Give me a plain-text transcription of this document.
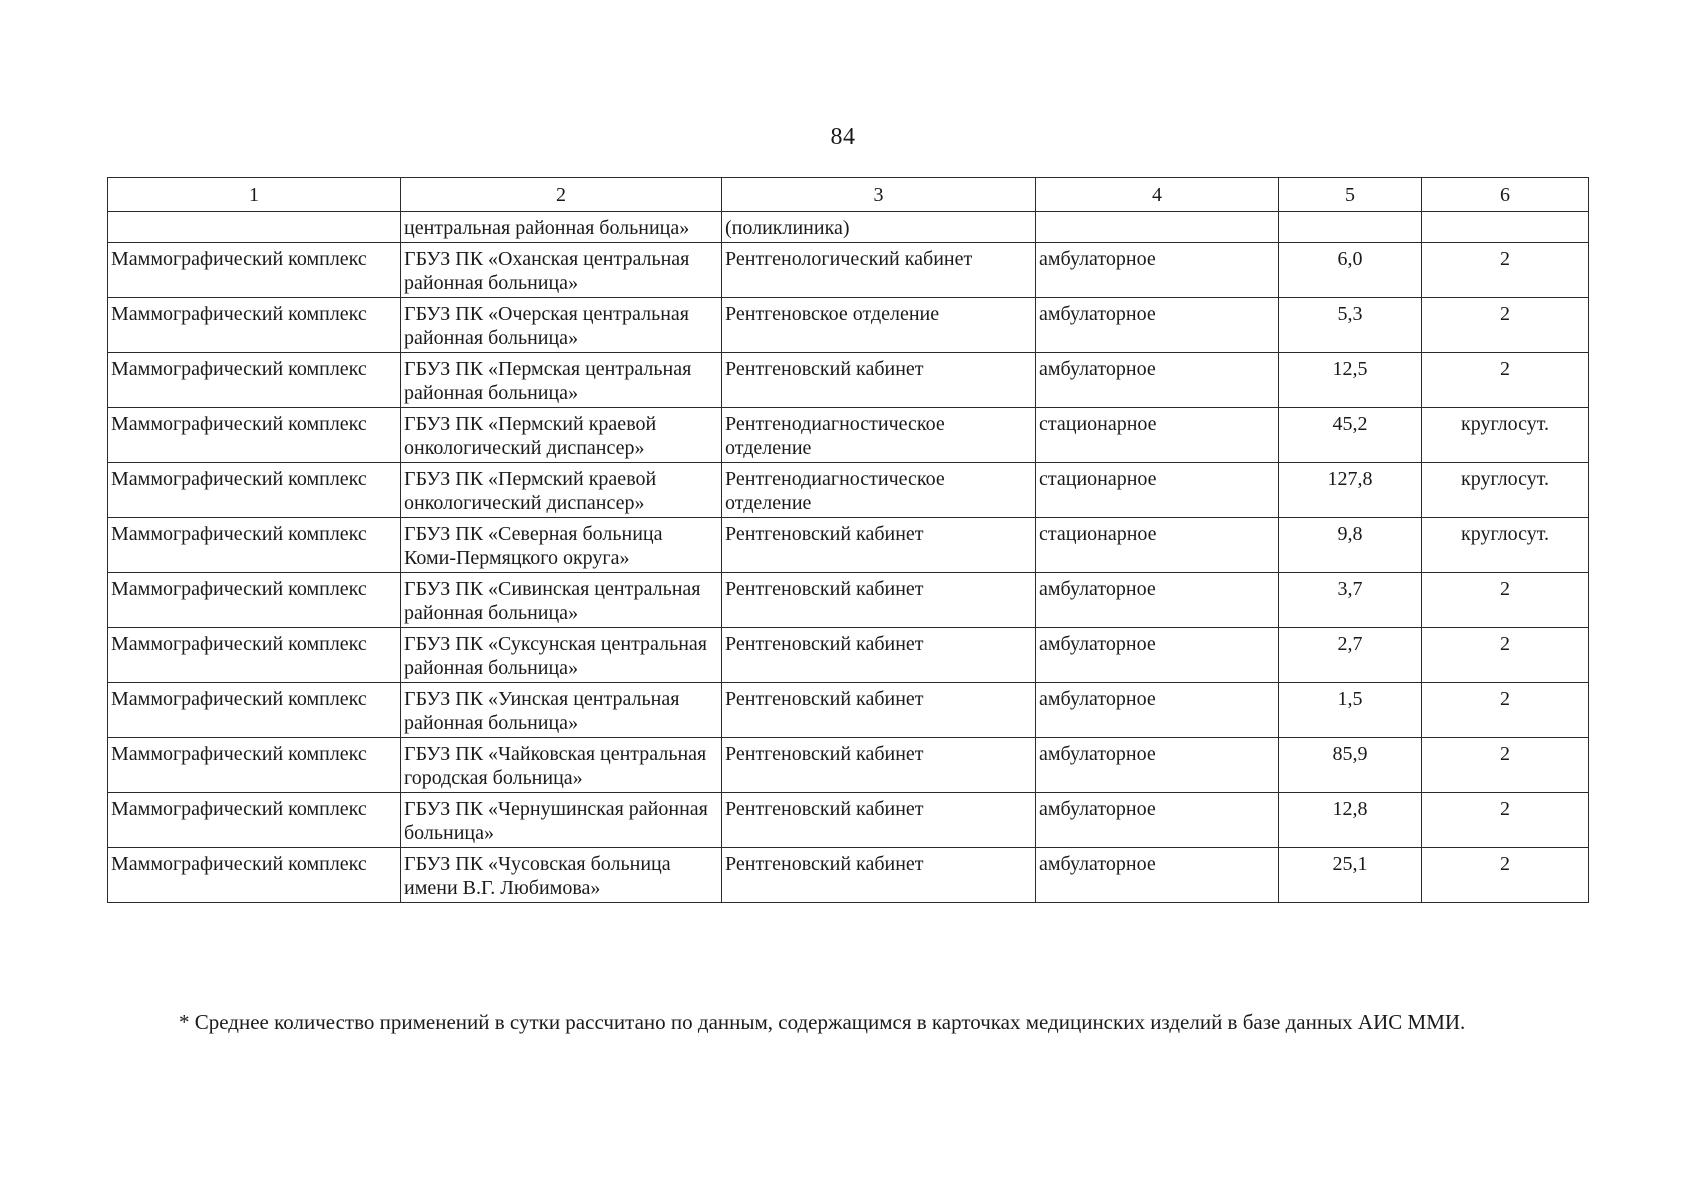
84
1	2	3	4	5	6
	центральная районная больница»	(поликлиника)			
Маммографический комплекс	ГБУЗ ПК «Оханская центральная районная больница»	Рентгенологический кабинет	амбулаторное	6,0	2
Маммографический комплекс	ГБУЗ ПК «Очерская центральная районная больница»	Рентгеновское отделение	амбулаторное	5,3	2
Маммографический комплекс	ГБУЗ ПК «Пермская центральная районная больница»	Рентгеновский кабинет	амбулаторное	12,5	2
Маммографический комплекс	ГБУЗ ПК «Пермский краевой онкологический диспансер»	Рентгенодиагностическое отделение	стационарное	45,2	круглосут.
Маммографический комплекс	ГБУЗ ПК «Пермский краевой онкологический диспансер»	Рентгенодиагностическое отделение	стационарное	127,8	круглосут.
Маммографический комплекс	ГБУЗ ПК «Северная больница Коми-Пермяцкого округа»	Рентгеновский кабинет	стационарное	9,8	круглосут.
Маммографический комплекс	ГБУЗ ПК «Сивинская центральная районная больница»	Рентгеновский кабинет	амбулаторное	3,7	2
Маммографический комплекс	ГБУЗ ПК «Суксунская центральная районная больница»	Рентгеновский кабинет	амбулаторное	2,7	2
Маммографический комплекс	ГБУЗ ПК «Уинская центральная районная больница»	Рентгеновский кабинет	амбулаторное	1,5	2
Маммографический комплекс	ГБУЗ ПК «Чайковская центральная городская больница»	Рентгеновский кабинет	амбулаторное	85,9	2
Маммографический комплекс	ГБУЗ ПК «Чернушинская районная больница»	Рентгеновский кабинет	амбулаторное	12,8	2
Маммографический комплекс	ГБУЗ ПК «Чусовская больница имени В.Г. Любимова»	Рентгеновский кабинет	амбулаторное	25,1	2
* Среднее количество применений в сутки рассчитано по данным, содержащимся в карточках медицинских изделий в базе данных АИС ММИ.
